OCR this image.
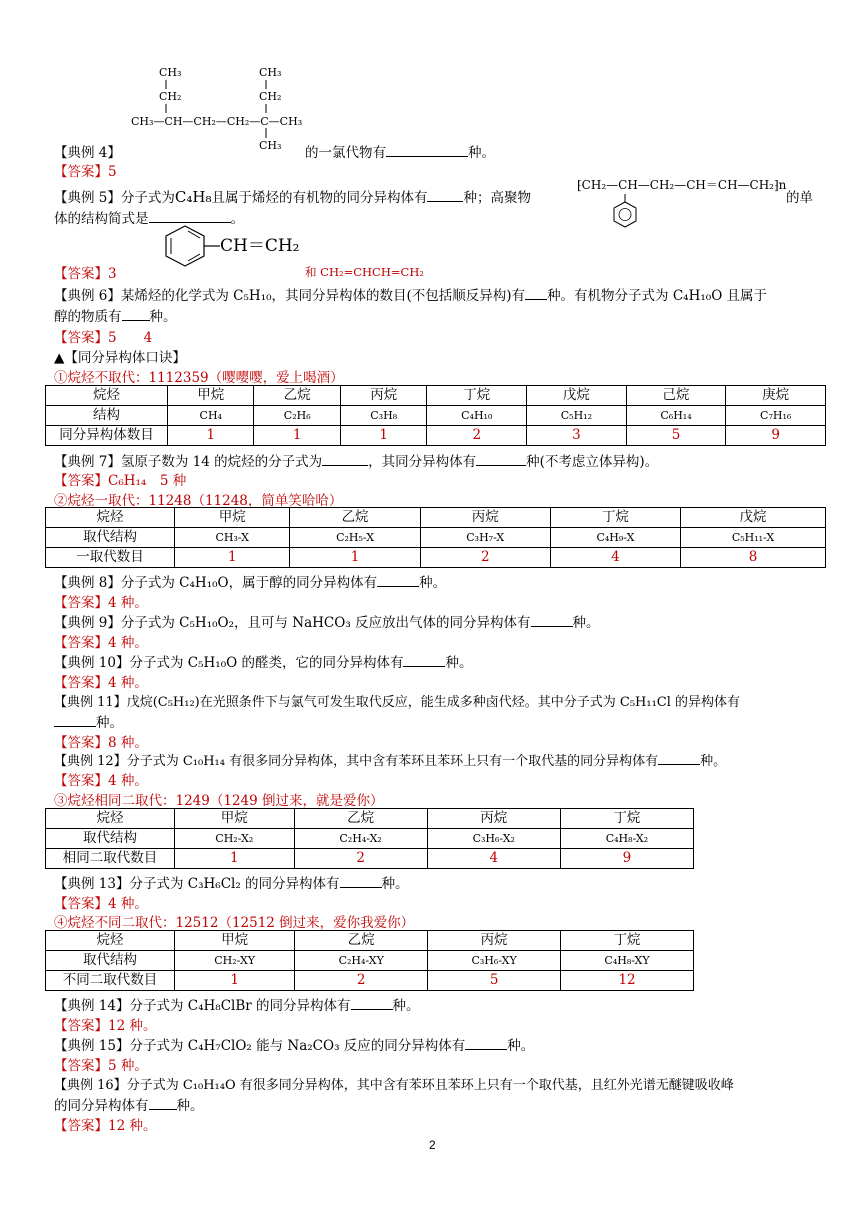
CH₃
CH₂
CH₃
CH₂
CH₃—CH—CH₂—CH₂—C—CH₃
CH₃
【典例 4】	的一氯代物有	种。
【答案】5
【典例 5】分子式为C₄H₈且属于烯烃的有机物的同分异构体有	种；高聚物
⁅CH₂—CH—CH₂—CH＝CH—CH₂⁆n
的单
体的结构简式是	。
CH＝CH₂
【答案】3	和 CH₂=CHCH=CH₂
【典例 6】某烯烃的化学式为 C₅H₁₀，其同分异构体的数目(不包括顺反异构)有 种。有机物分子式为 C₄H₁₀O 且属于
醇的物质有 种。
【答案】5　　4
▲【同分异构体口诀】
①烷烃不取代：1112359（嘤嘤嘤，爱上喝酒）
烷烃	甲烷	乙烷	丙烷	丁烷	戊烷	己烷	庚烷
结构	CH₄	C₂H₆	C₃H₈	C₄H₁₀	C₅H₁₂	C₆H₁₄	C₇H₁₆
同分异构体数目	1	1	1	2	3	5	9
【典例 7】氢原子数为 14 的烷烃的分子式为	，其同分异构体有	种(不考虑立体异构)。
【答案】C₆H₁₄　5 种
②烷烃一取代：11248（11248，简单笑哈哈）
烷烃	甲烷	乙烷	丙烷	丁烷	戊烷
取代结构	CH₃-X	C₂H₅-X	C₃H₇-X	C₄H₉-X	C₅H₁₁-X
一取代数目	1	1	2	4	8
【典例 8】分子式为 C₄H₁₀O，属于醇的同分异构体有	种。
【答案】4 种。
【典例 9】分子式为 C₅H₁₀O₂，且可与 NaHCO₃ 反应放出气体的同分异构体有	种。
【答案】4 种。
【典例 10】分子式为 C₅H₁₀O 的醛类，它的同分异构体有	种。
【答案】4 种。
【典例 11】戊烷(C₅H₁₂)在光照条件下与氯气可发生取代反应，能生成多种卤代烃。其中分子式为 C₅H₁₁Cl 的异构体有
种。
【答案】8 种。
【典例 12】分子式为 C₁₀H₁₄ 有很多同分异构体，其中含有苯环且苯环上只有一个取代基的同分异构体有	种。
【答案】4 种。
③烷烃相同二取代：1249（1249 倒过来，就是爱你）
烷烃	甲烷	乙烷	丙烷	丁烷
取代结构	CH₂-X₂	C₂H₄-X₂	C₃H₆-X₂	C₄H₈-X₂
相同二取代数目	1	2	4	9
【典例 13】分子式为 C₃H₆Cl₂ 的同分异构体有	种。
【答案】4 种。
④烷烃不同二取代：12512（12512 倒过来，爱你我爱你）
烷烃	甲烷	乙烷	丙烷	丁烷
取代结构	CH₂-XY	C₂H₄-XY	C₃H₆-XY	C₄H₈-XY
不同二取代数目	1	2	5	12
【典例 14】分子式为 C₄H₈ClBr 的同分异构体有	种。
【答案】12 种。
【典例 15】分子式为 C₄H₇ClO₂ 能与 Na₂CO₃ 反应的同分异构体有	种。
【答案】5 种。
【典例 16】分子式为 C₁₀H₁₄O 有很多同分异构体，其中含有苯环且苯环上只有一个取代基，且红外光谱无醚键吸收峰
的同分异构体有 种。
【答案】12 种。
2
